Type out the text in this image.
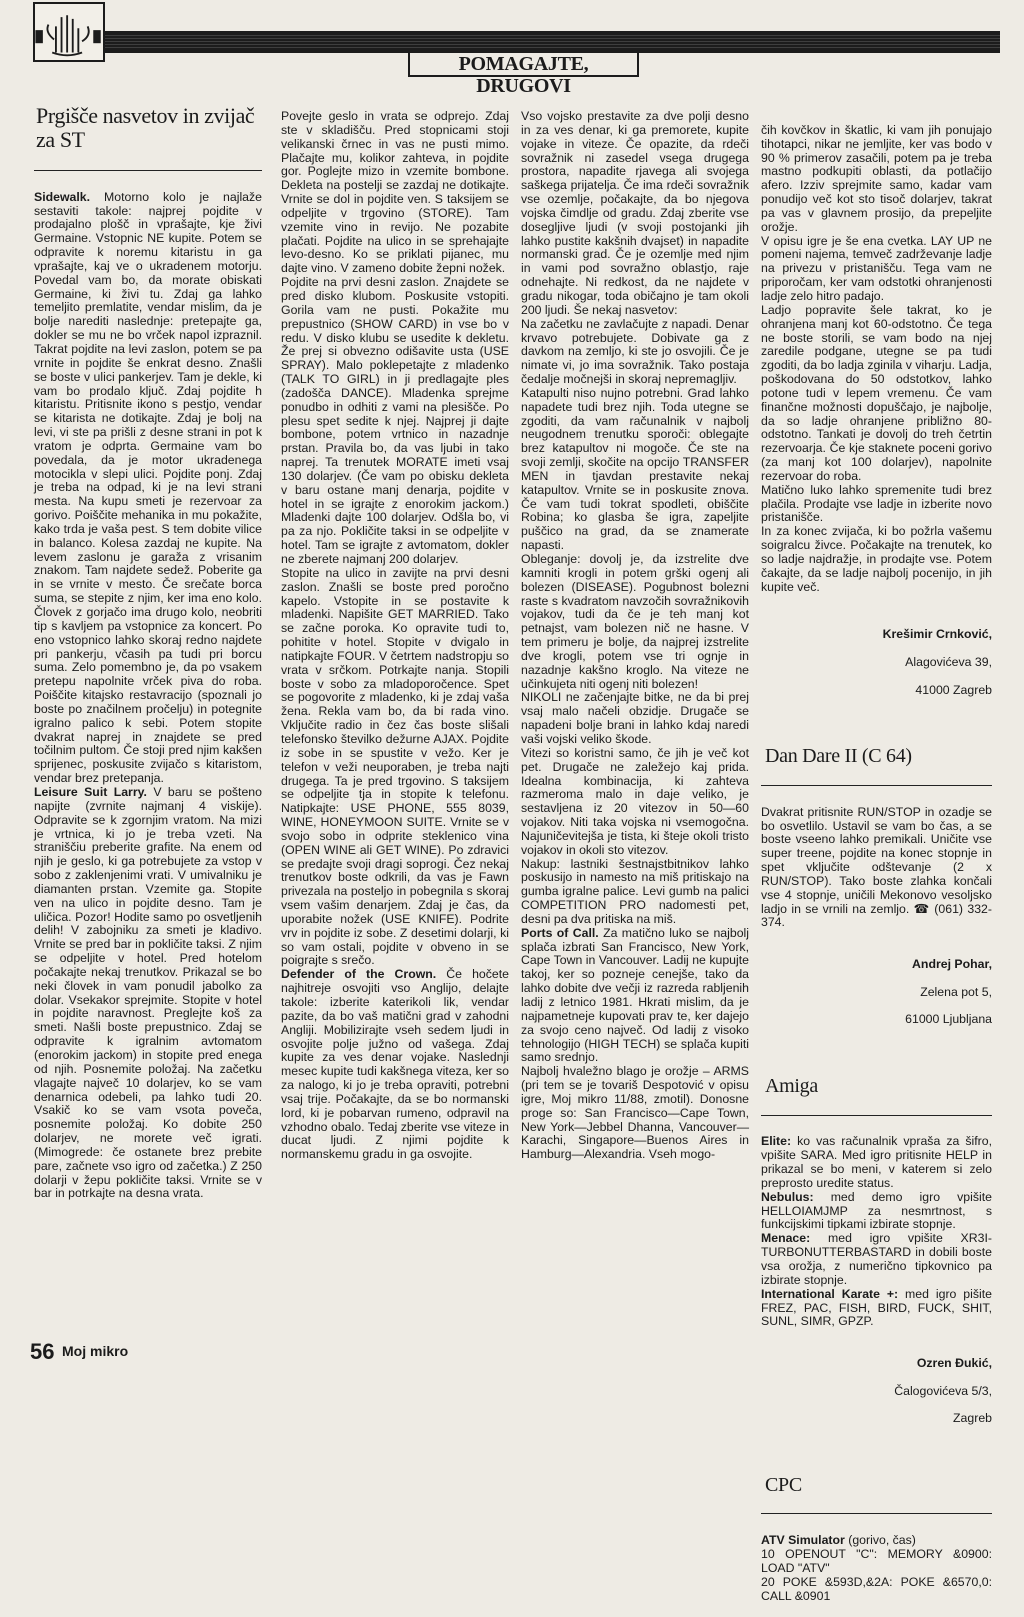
POMAGAJTE, DRUGOVI
Prgišče nasvetov in zvijač za ST

Sidewalk. Motorno kolo je najlaže sestaviti takole: najprej pojdite v prodajalno plošč in vprašajte, kje živi Germaine. Vstopnic NE kupite. Potem se odpravite k noremu kitaristu in ga vprašajte, kaj ve o ukradenem motorju. Povedal vam bo, da morate obiskati Germaine, ki živi tu. Zdaj ga lahko temeljito premlatite, vendar mislim, da je bolje narediti naslednje: pretepajte ga, dokler se mu ne bo vrček napol izpraznil. Takrat pojdite na levi zaslon, potem se pa vrnite in pojdite še enkrat desno. Znašli se boste v ulici pankerjev. Tam je dekle, ki vam bo prodalo ključ. Zdaj pojdite h kitaristu. Pritisnite ikono s pestjo, vendar se kitarista ne dotikajte. Zdaj je bolj na levi, vi ste pa prišli z desne strani in pot k vratom je odprta. Germaine vam bo povedala, da je motor ukradenega motociklа v slepi ulici. Pojdite ponj. Zdaj je treba na odpad, ki je na levi strani mesta. Na kupu smeti je rezervoar za gorivo. Poiščite mehanika in mu pokažite, kako trda je vaša pest. S tem dobite vilice in balanco. Kolesa zazdaj ne kupite. Na levem zaslonu je garaža z vrisanim znakom. Tam najdete sedež. Poberite ga in se vrnite v mesto. Če srečate borca suma, se stepite z njim, ker ima eno kolo. Človek z gorjačo ima drugo kolo, neobriti tip s kavljem pa vstopnice za koncert. Po eno vstopnico lahko skoraj redno najdete pri pankerju, včasih pa tudi pri borcu suma. Zelo pomembno je, da po vsakem pretepu napolnite vrček piva do roba. Poiščite kitajsko restavracijo (spoznali jo boste po značilnem pročelju) in potegnite igralno palico k sebi. Potem stopite dvakrat naprej in znajdete se pred točilnim pultom. Če stoji pred njim kakšen sprijenec, poskusite zvijačo s kitaristom, vendar brez pretepanja.
Leisure Suit Larry. V baru se pošteno napijte (zvrnite najmanj 4 viskije). Odpravite se k zgornjim vratom. Na mizi je vrtnica, ki jo je treba vzeti. Na straniščiu preberite grafite. Na enem od njih je geslo, ki ga potrebujete za vstop v sobo z zaklenjenimi vrati. V umivalniku je diamanten prstan. Vzemite ga. Stopite ven na ulico in pojdite desno. Tam je uličica. Pozor! Hodite samo po osvetljenih delih! V zabojniku za smeti je kladivo. Vrnite se pred bar in pokličite taksi. Z njim se odpeljite v hotel. Pred hotelom počakajte nekaj trenutkov. Prikazal se bo neki človek in vam ponudil jabolko za dolar. Vsekakor sprejmite. Stopite v hotel in pojdite naravnost. Preglejte koš za smeti. Našli boste prepustnico. Zdaj se odpravite k igralnim avtomatom (enorokim jackom) in stopite pred enega od njih. Posnemite položaj. Na začetku vlagajte največ 10 dolarjev, ko se vam denarnica odebeli, pa lahko tudi 20. Vsakič ko se vam vsota poveča, posnemite položaj. Ko dobite 250 dolarjev, ne morete več igrati. (Mimogrede: če ostanete brez prebite pare, začnete vso igro od začetka.) Z 250 dolarji v žepu pokličite taksi. Vrnite se v bar in potrkajte na desna vrata.

Povejte geslo in vrata se odprejo. Zdaj ste v skladišču. Pred stopnicami stoji velikanski črnec in vas ne pusti mimo. Plačajte mu, kolikor zahteva, in pojdite gor. Poglejte mizo in vzemite bombone. Dekleta na postelji se zazdaj ne dotikajte. Vrnite se dol in pojdite ven. S taksijem se odpeljite v trgovino (STORE). Tam vzemite vino in revijo. Ne pozabite plačati. Pojdite na ulico in se sprehajajte levo-desno. Ko se priklati pijanec, mu dajte vino. V zameno dobite žepni nožek.
Pojdite na prvi desni zaslon. Znajdete se pred disko klubom. Poskusite vstopiti. Gorila vam ne pusti. Pokažite mu prepustnico (SHOW CARD) in vse bo v redu. V disko klubu se usedite k dekletu. Že prej si obvezno odišavite usta (USE SPRAY). Malo poklepetajte z mladenko (TALK TO GIRL) in ji predlagajte ples (zadošča DANCE). Mladenka sprejme ponudbo in odhiti z vami na plesišče. Po plesu spet sedite k njej. Najprej ji dajte bombone, potem vrtnico in nazadnje prstan. Pravila bo, da vas ljubi in tako naprej. Ta trenutek MORATE imeti vsaj 130 dolarjev. (Če vam po obisku dekleta v baru ostane manj denarja, pojdite v hotel in se igrajte z enorokim jackom.) Mladenki dajte 100 dolarjev. Odšla bo, vi pa za njo. Pokličite taksi in se odpeljite v hotel. Tam se igrajte z avtomatom, dokler ne zberete najmanj 200 dolarjev.
Stopite na ulico in zavijte na prvi desni zaslon. Znašli se boste pred poročno kapelo. Vstopite in se postavite k mladenki. Napišite GET MARRIED. Tako se začne poroka. Ko opravite tudi to, pohitite v hotel. Stopite v dvigalo in natipkajte FOUR. V četrtem nadstropju so vrata v srčkom. Potrkajte nanja. Stopili boste v sobo za mladoporočence. Spet se pogovorite z mladenko, ki je zdaj vaša žena. Rekla vam bo, da bi rada vino. Vključite radio in čez čas boste slišali telefonsko številko dežurne AJAX. Pojdite iz sobe in se spustite v vežo. Ker je telefon v veži neuporaben, je treba najti drugega. Ta je pred trgovino. S taksijem se odpeljite tja in stopite k telefonu. Natipkajte: USE PHONE, 555 8039, WINE, HONEYMOON SUITE. Vrnite se v svojo sobo in odprite steklenico vina (OPEN WINE ali GET WINE). Po zdravici se predajte svoji dragi soprogi. Čez nekaj trenutkov boste odkrili, da vas je Fawn privezala na posteljo in pobegnila s skoraj vsem vašim denarjem. Zdaj je čas, da uporabite nožek (USE KNIFE). Podrite vrv in pojdite iz sobe. Z desetimi dolarji, ki so vam ostali, pojdite v obveno in se poigrajte s srečo.
Defender of the Crown. Če hočete najhitreje osvojiti vso Anglijo, delajte takole: izberite katerikoli lik, vendar pazite, da bo vaš matični grad v zahodni Angliji. Mobilizirajte vseh sedem ljudi in osvojite polje južno od vašega. Zdaj kupite za ves denar vojake. Naslednji mesec kupite tudi kakšnega viteza, ker so za nalogo, ki jo je treba opraviti, potrebni vsaj trije. Počakajte, da se bo normanski lord, ki je pobarvan rumeno, odpravil na vzhodno obalo. Tedaj zberite vse viteze in ducat ljudi. Z njimi pojdite k normanskemu gradu in ga osvojite.
Vso vojsko prestavite za dve polji desno in za ves denar, ki ga premorete, kupite vojake in viteze. Če opazite, da rdeči sovražnik ni zasedel vsega drugega prostora, napadite rjavega ali svojega saškega prijatelja. Če ima rdeči sovražnik vse ozemlje, počakajte, da bo njegova vojska čimdlje od gradu. Zdaj zberite vse dosegljive ljudi (v svoji postojanki jih lahko pustite kakšnih dvajset) in napadite normanski grad. Če je ozemlje med njim in vami pod sovražno oblastjo, raje odnehajte. Ni redkost, da ne najdete v gradu nikogar, toda običajno je tam okoli 200 ljudi. Še nekaj nasvetov:
Na začetku ne zavlačujte z napadi. Denar krvavo potrebujete. Dobivate ga z davkom na zemljo, ki ste jo osvojili. Če je nimate vi, jo ima sovražnik. Tako postaja čedalje močnejši in skoraj nepremagljiv.
Katapulti niso nujno potrebni. Grad lahko napadete tudi brez njih. Toda utegne se zgoditi, da vam računalnik v najbolj neugodnem trenutku sporoči: oblegajte brez katapultov ni mogoče. Če ste na svoji zemlji, skočite na opcijo TRANSFER MEN in tjavdan prestavite nekaj katapultov. Vrnite se in poskusite znova. Če vam tudi tokrat spodleti, obiščite Robina; ko glasba še igra, zapeljite puščico na grad, da se znamerate napasti.
Obleganje: dovolj je, da izstrelite dve kamniti krogli in potem grški ogenj ali bolezen (DISEASE). Pogubnost bolezni raste s kvadratom navzočih sovražnikovih vojakov, tudi da če je teh manj kot petnajst, vam bolezen nič ne hasne. V tem primeru je bolje, da najprej izstrelite dve krogli, potem vse tri ognje in nazadnje kakšno kroglo. Na viteze ne učinkujeta niti ogenj niti bolezen!
NIKOLI ne začenjajte bitke, ne da bi prej vsaj malo načeli obzidje. Drugače se napadeni bolje brani in lahko kdaj naredi vaši vojski veliko škode.
Vitezi so koristni samo, če jih je več kot pet. Drugače ne zaležejo kaj prida. Idealna kombinacija, ki zahteva razmeroma malo in daje veliko, je sestavljena iz 20 vitezov in 50—60 vojakov. Niti taka vojska ni vsemogočna. Najuničevitejša je tista, ki šteje okoli tristo vojakov in okoli sto vitezov.
Nakup: lastniki šestnajstbitnikov lahko poskusijo in namesto na miš pritiskajo na gumba igralne palice. Levi gumb na palici COMPETITION PRO nadomesti pet, desni pa dva pritiska na miš.
Ports of Call. Za matično luko se najbolj splača izbrati San Francisco, New York, Cape Town in Vancouver. Ladij ne kupujte takoj, ker so pozneje cenejše, tako da lahko dobite dve večji iz razreda rabljenih ladij z letnico 1981. Hkrati mislim, da je najpametneje kupovati prav te, ker dajejo za svojo ceno največ. Od ladij z visoko tehnologijo (HIGH TECH) se splača kupiti samo srednjo.
Najbolj hvaležno blago je orožje – ARMS (pri tem se je tovariš Despotović v opisu igre, Moj mikro 11/88, zmotil). Donosne proge so: San Francisco—Cape Town, New York—Jebbel Dhanna, Vancouver—Karachi, Singapore—Buenos Aires in Hamburg—Alexandria. Vseh mogo-

čih kovčkov in škatlic, ki vam jih ponujajo tihotapci, nikar ne jemljite, ker vas bodo v 90 % primerov zasačili, potem pa je treba mastno podkupiti oblasti, da potlačijo afero. Izziv sprejmite samo, kadar vam ponudijo več kot sto tisoč dolarjev, takrat pa vas v glavnem prosijo, da prepeljite orožje.
V opisu igre je še ena cvetka. LAY UP ne pomeni najema, temveč zadrževanje ladje na privezu v pristanišču. Tega vam ne priporočam, ker vam odstotki ohranjenosti ladje zelo hitro padajo.
Ladjo popravite šele takrat, ko je ohranjena manj kot 60-odstotno. Če tega ne boste storili, se vam bodo na njej zaredile podgane, utegne se pa tudi zgoditi, da bo ladja zginila v viharju. Ladja, poškodovana do 50 odstotkov, lahko potone tudi v lepem vremenu. Če vam finančne možnosti dopuščajo, je najbolje, da so ladje ohranjene približno 80-odstotno. Tankati je dovolj do treh četrtin rezervoarja. Če kje staknete poceni gorivo (za manj kot 100 dolarjev), napolnite rezervoar do roba.
Matično luko lahko spremenite tudi brez plačila. Prodajte vse ladje in izberite novo pristanišče.
In za konec zvijača, ki bo požrla vašemu soigralcu živce. Počakajte na trenutek, ko so ladje najdražje, in prodajte vse. Potem čakajte, da se ladje najbolj pocenijo, in jih kupite več.

Krešimir Crnković,

Alagovićeva 39,

41000 Zagreb

Dan Dare II (C 64)

Dvakrat pritisnite RUN/STOP in ozadje se bo osvetlilo. Ustavil se vam bo čas, a se boste vseeno lahko premikali. Uničite vse super treene, pojdite na konec stopnje in spet vključite odštevanje (2 x RUN/STOP). Tako boste zlahka končali vse 4 stopnje, uničili Mekonovo vesoljsko ladjo in se vrnili na zemljo. ☎ (061) 332-374.

Andrej Pohar,

Zelena pot 5,

61000 Ljubljana

Amiga

Elite: ko vas računalnik vpraša za šifro, vpišite SARA. Med igro pritisnite HELP in prikazal se bo meni, v katerem si zelo preprosto uredite status.
Nebulus: med demo igro vpišite HELLOIAMJMP za nesmrtnost, s funkcijskimi tipkami izbirate stopnje.
Menace: med igro vpišite XR3I-TURBONUTTERBASTARD in dobili boste vsa orožja, z numerično tipkovnico pa izbirate stopnje.
International Karate +: med igro pišite FREZ, PAC, FISH, BIRD, FUCK, SHIT, SUNL, SIMR, GPZP.

Ozren Đukić,

Čalogovićeva 5/3,

Zagreb

CPC

ATV Simulator (gorivo, čas)
10 OPENOUT "C": MEMORY &0900: LOAD "ATV"
20 POKE &593D,&2A: POKE &6570,0: CALL &0901

56 Moj mikro
